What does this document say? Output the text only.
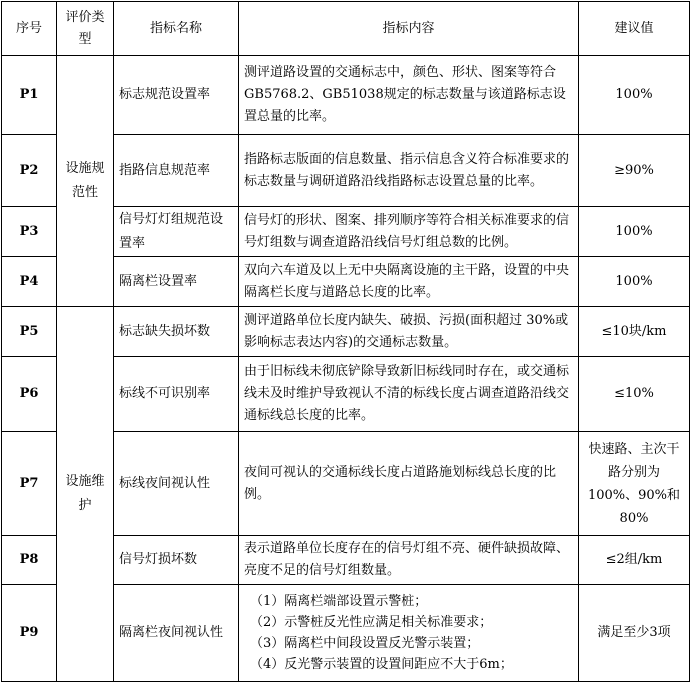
序号	评价类型	指标名称	指标内容	建议值
P1	设施规范性	标志规范设置率	测评道路设置的交通标志中，颜色、形状、图案等符合GB5768.2、GB51038规定的标志数量与该道路标志设置总量的比率。	100%
P2		指路信息规范率	指路标志版面的信息数量、指示信息含义符合标准要求的标志数量与调研道路沿线指路标志设置总量的比率。	≥90%
P3		信号灯灯组规范设置率	信号灯的形状、图案、排列顺序等符合相关标准要求的信号灯组数与调查道路沿线信号灯组总数的比例。	100%
P4		隔离栏设置率	双向六车道及以上无中央隔离设施的主干路，设置的中央隔离栏长度与道路总长度的比率。	100%
P5	设施维护	标志缺失损坏数	测评道路单位长度内缺失、破损、污损(面积超过 30%或影响标志表达内容)的交通标志数量。	≤10块/km
P6		标线不可识别率	由于旧标线未彻底铲除导致新旧标线同时存在，或交通标线未及时维护导致视认不清的标线长度占调查道路沿线交通标线总长度的比率。	≤10%
P7		标线夜间视认性	夜间可视认的交通标线长度占道路施划标线总长度的比例。	快速路、主次干路分别为100%、90%和80%
P8		信号灯损坏数	表示道路单位长度存在的信号灯组不亮、硬件缺损故障、亮度不足的信号灯组数量。	≤2组/km
P9		隔离栏夜间视认性	（1）隔离栏端部设置示警桩；
（2）示警桩反光性应满足相关标准要求；
（3）隔离栏中间段设置反光警示装置；
（4）反光警示装置的设置间距应不大于6m；	满足至少3项
